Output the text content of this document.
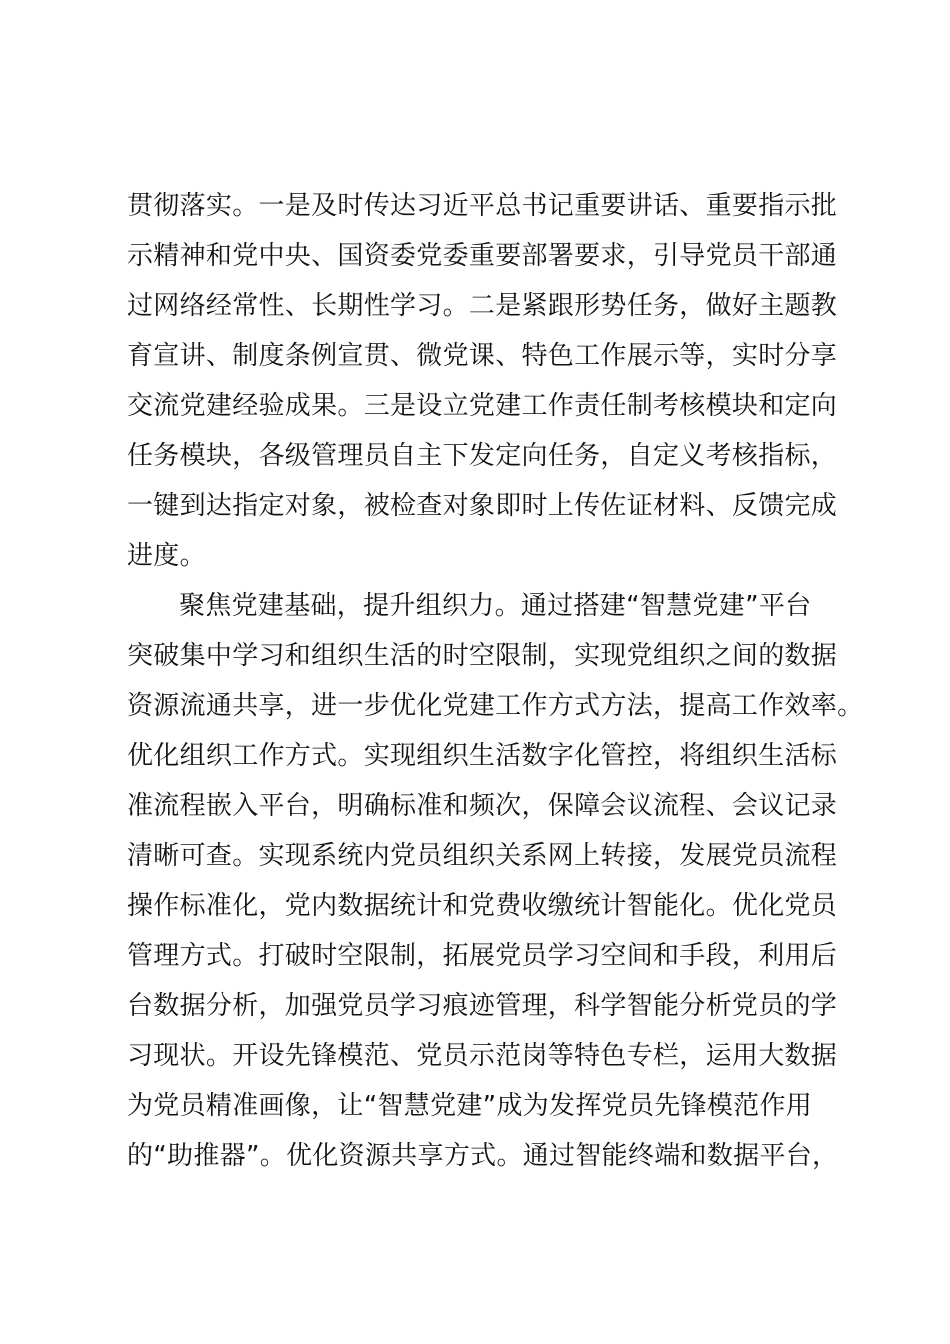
贯彻落实。一是及时传达习近平总书记重要讲话、重要指示批
示精神和党中央、国资委党委重要部署要求，引导党员干部通
过网络经常性、长期性学习。二是紧跟形势任务，做好主题教
育宣讲、制度条例宣贯、微党课、特色工作展示等，实时分享
交流党建经验成果。三是设立党建工作责任制考核模块和定向
任务模块，各级管理员自主下发定向任务，自定义考核指标，
一键到达指定对象，被检查对象即时上传佐证材料、反馈完成
进度。
聚焦党建基础，提升组织力。通过搭建“智慧党建”平台
突破集中学习和组织生活的时空限制，实现党组织之间的数据
资源流通共享，进一步优化党建工作方式方法，提高工作效率。
优化组织工作方式。实现组织生活数字化管控，将组织生活标
准流程嵌入平台，明确标准和频次，保障会议流程、会议记录
清晰可查。实现系统内党员组织关系网上转接，发展党员流程
操作标准化，党内数据统计和党费收缴统计智能化。优化党员
管理方式。打破时空限制，拓展党员学习空间和手段，利用后
台数据分析，加强党员学习痕迹管理，科学智能分析党员的学
习现状。开设先锋模范、党员示范岗等特色专栏，运用大数据
为党员精准画像，让“智慧党建”成为发挥党员先锋模范作用
的“助推器”。优化资源共享方式。通过智能终端和数据平台，
